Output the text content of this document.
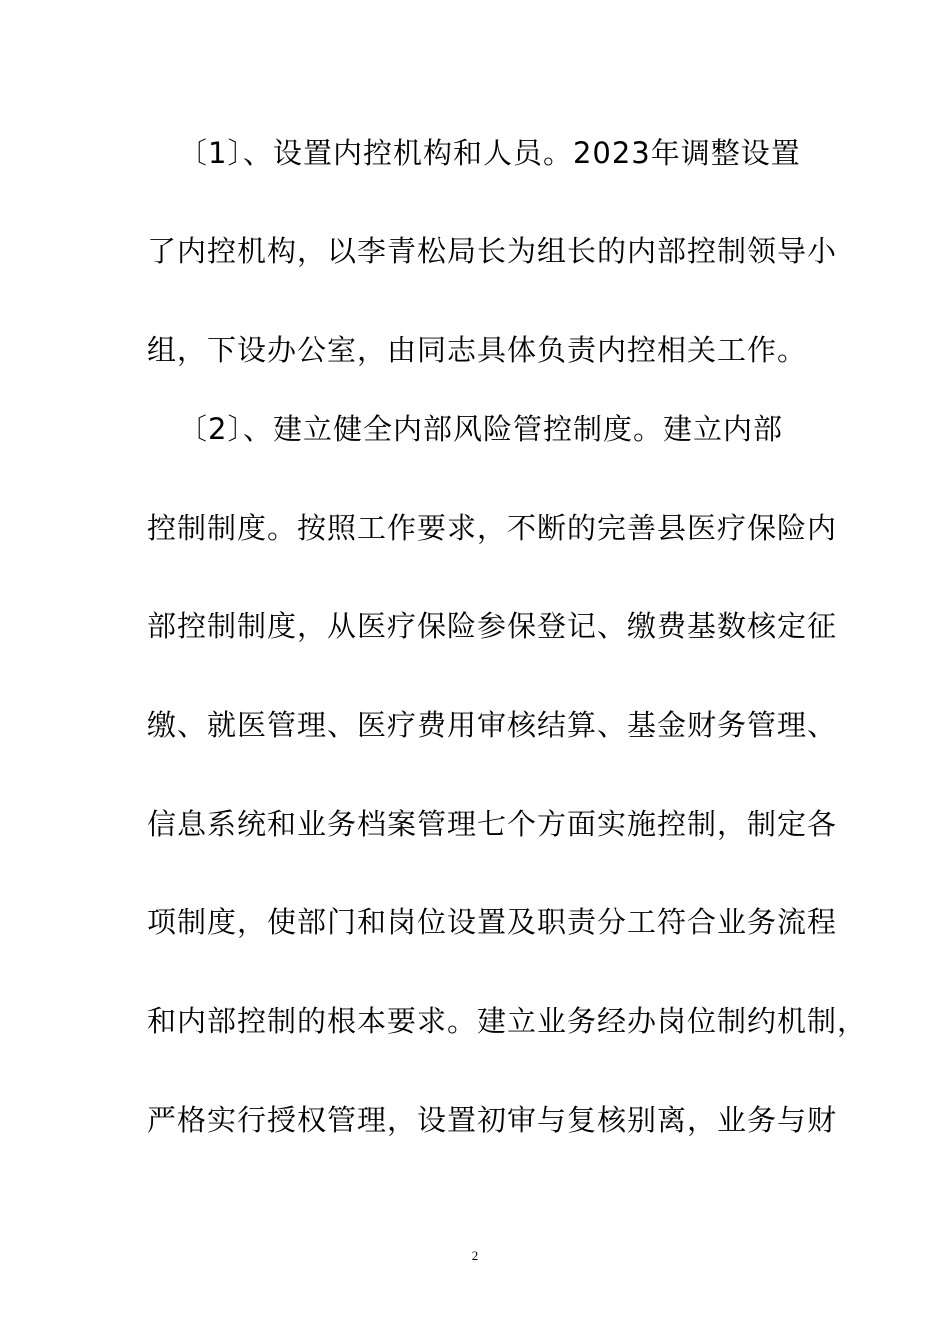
〔1〕、设置内控机构和人员。2023年调整设置
了内控机构，以李青松局长为组长的内部控制领导小
组，下设办公室，由同志具体负责内控相关工作。
〔2〕、建立健全内部风险管控制度。建立内部
控制制度。按照工作要求，不断的完善县医疗保险内
部控制制度，从医疗保险参保登记、缴费基数核定征
缴、就医管理、医疗费用审核结算、基金财务管理、
信息系统和业务档案管理七个方面实施控制，制定各
项制度，使部门和岗位设置及职责分工符合业务流程
和内部控制的根本要求。建立业务经办岗位制约机制，
严格实行授权管理，设置初审与复核别离，业务与财
2
